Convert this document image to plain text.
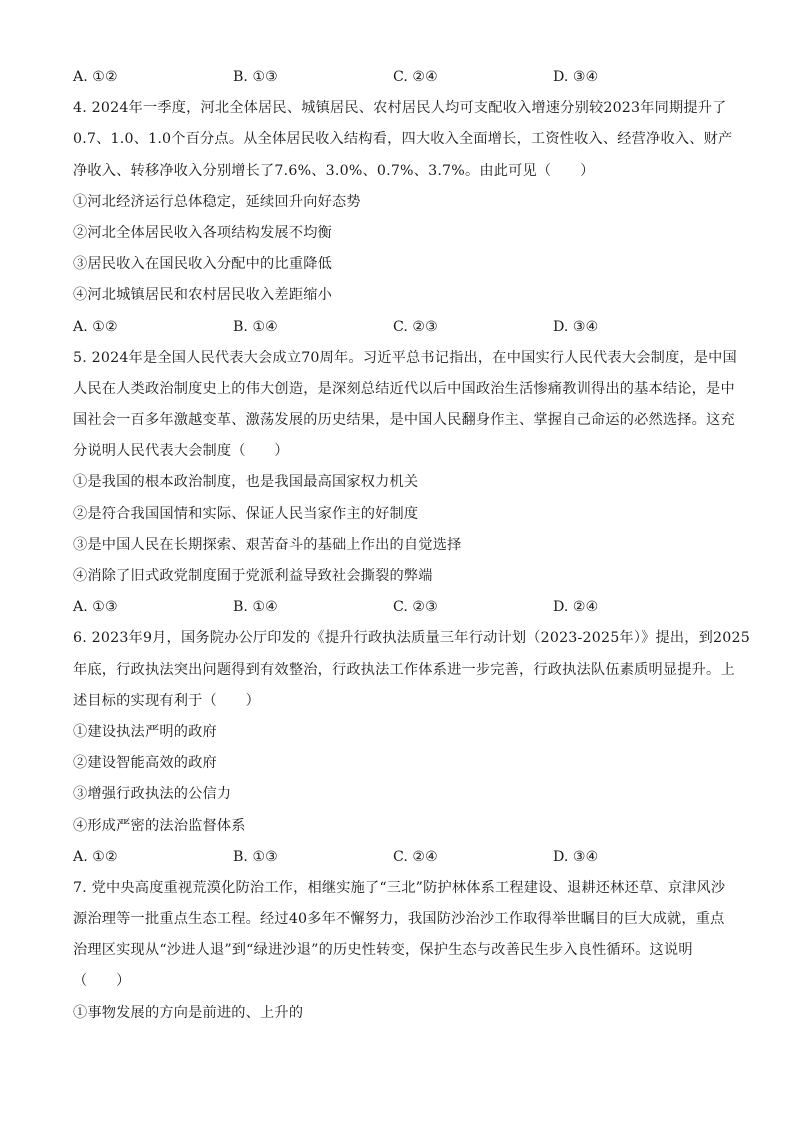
A. ①②	B. ①③	C. ②④	D. ③④
4. 2024年一季度，河北全体居民、城镇居民、农村居民人均可支配收入增速分别较2023年同期提升了
0.7、1.0、1.0个百分点。从全体居民收入结构看，四大收入全面增长，工资性收入、经营净收入、财产
净收入、转移净收入分别增长了7.6%、3.0%、0.7%、3.7%。由此可见（　　）
①河北经济运行总体稳定，延续回升向好态势
②河北全体居民收入各项结构发展不均衡
③居民收入在国民收入分配中的比重降低
④河北城镇居民和农村居民收入差距缩小
A. ①②	B. ①④	C. ②③	D. ③④
5. 2024年是全国人民代表大会成立70周年。习近平总书记指出，在中国实行人民代表大会制度，是中国
人民在人类政治制度史上的伟大创造，是深刻总结近代以后中国政治生活惨痛教训得出的基本结论，是中
国社会一百多年激越变革、激荡发展的历史结果，是中国人民翻身作主、掌握自己命运的必然选择。这充
分说明人民代表大会制度（　　）
①是我国的根本政治制度，也是我国最高国家权力机关
②是符合我国国情和实际、保证人民当家作主的好制度
③是中国人民在长期探索、艰苦奋斗的基础上作出的自觉选择
④消除了旧式政党制度囿于党派利益导致社会撕裂的弊端
A. ①③	B. ①④	C. ②③	D. ②④
6. 2023年9月，国务院办公厅印发的《提升行政执法质量三年行动计划（2023-2025年）》提出，到2025
年底，行政执法突出问题得到有效整治，行政执法工作体系进一步完善，行政执法队伍素质明显提升。上
述目标的实现有利于（　　）
①建设执法严明的政府
②建设智能高效的政府
③增强行政执法的公信力
④形成严密的法治监督体系
A. ①②	B. ①③	C. ②④	D. ③④
7. 党中央高度重视荒漠化防治工作，相继实施了“三北”防护林体系工程建设、退耕还林还草、京津风沙
源治理等一批重点生态工程。经过40多年不懈努力，我国防沙治沙工作取得举世瞩目的巨大成就，重点
治理区实现从“沙进人退”到“绿进沙退”的历史性转变，保护生态与改善民生步入良性循环。这说明
（　　）
①事物发展的方向是前进的、上升的
